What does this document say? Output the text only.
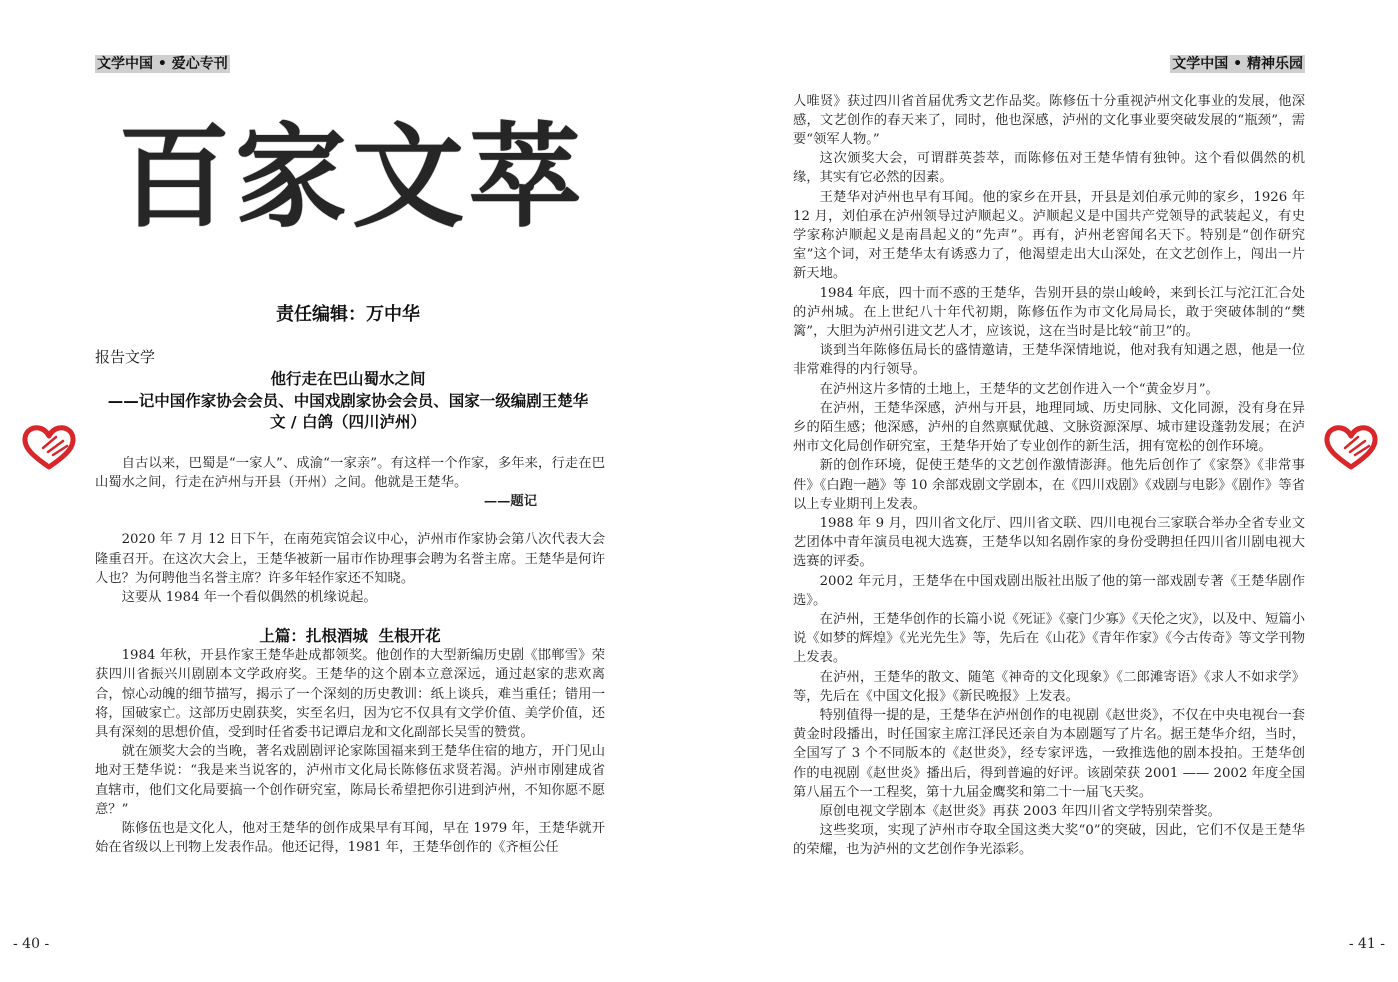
文学中国 • 爱心专刊
百家文萃
责任编辑：万中华
报告文学
他行走在巴山蜀水之间
——记中国作家协会会员、中国戏剧家协会会员、国家一级编剧王楚华
文 / 白鸽（四川泸州）

自古以来，巴蜀是“一家人”、成渝“一家亲”。有这样一个作家，多年来，行走在巴山蜀水之间，行走在泸州与开县（开州）之间。他就是王楚华。

——题记

2020 年 7 月 12 日下午，在南苑宾馆会议中心，泸州市作家协会第八次代表大会隆重召开。在这次大会上，王楚华被新一届市作协理事会聘为名誉主席。王楚华是何许人也？为何聘他当名誉主席？许多年轻作家还不知晓。

这要从 1984 年一个看似偶然的机缘说起。

上篇：扎根酒城  生根开花

1984 年秋，开县作家王楚华赴成都领奖。他创作的大型新编历史剧《邯郸雪》荣获四川省振兴川剧剧本文学政府奖。王楚华的这个剧本立意深远，通过赵家的悲欢离合，惊心动魄的细节描写，揭示了一个深刻的历史教训：纸上谈兵，难当重任；错用一将，国破家亡。这部历史剧获奖，实至名归，因为它不仅具有文学价值、美学价值，还具有深刻的思想价值，受到时任省委书记谭启龙和文化副部长吴雪的赞赏。

就在颁奖大会的当晚，著名戏剧剧评论家陈国福来到王楚华住宿的地方，开门见山地对王楚华说：“我是来当说客的，泸州市文化局长陈修伍求贤若渴。泸州市刚建成省直辖市，他们文化局要搞一个创作研究室，陈局长希望把你引进到泸州，不知你愿不愿意？”

陈修伍也是文化人，他对王楚华的创作成果早有耳闻，早在 1979 年，王楚华就开始在省级以上刊物上发表作品。他还记得，1981 年，王楚华创作的《齐桓公任

- 40 -
文学中国 • 精神乐园

人唯贤》获过四川省首届优秀文艺作品奖。陈修伍十分重视泸州文化事业的发展，他深感，文艺创作的春天来了，同时，他也深感，泸州的文化事业要突破发展的“瓶颈”，需要“领军人物。”

这次颁奖大会，可谓群英荟萃，而陈修伍对王楚华情有独钟。这个看似偶然的机缘，其实有它必然的因素。

王楚华对泸州也早有耳闻。他的家乡在开县，开县是刘伯承元帅的家乡，1926 年 12 月，刘伯承在泸州领导过泸顺起义。泸顺起义是中国共产党领导的武装起义，有史学家称泸顺起义是南昌起义的“先声”。再有，泸州老窖闻名天下。特别是“创作研究室”这个词，对王楚华太有诱惑力了，他渴望走出大山深处，在文艺创作上，闯出一片新天地。

1984 年底，四十而不惑的王楚华，告别开县的崇山峻岭，来到长江与沱江汇合处的泸州城。在上世纪八十年代初期，陈修伍作为市文化局局长，敢于突破体制的“樊篱”，大胆为泸州引进文艺人才，应该说，这在当时是比较“前卫”的。

谈到当年陈修伍局长的盛情邀请，王楚华深情地说，他对我有知遇之恩，他是一位非常难得的内行领导。

在泸州这片多情的土地上，王楚华的文艺创作进入一个“黄金岁月”。

在泸州，王楚华深感，泸州与开县，地理同域、历史同脉、文化同源，没有身在异乡的陌生感；他深感，泸州的自然禀赋优越、文脉资源深厚、城市建设蓬勃发展；在泸州市文化局创作研究室，王楚华开始了专业创作的新生活，拥有宽松的创作环境。

新的创作环境，促使王楚华的文艺创作激情澎湃。他先后创作了《家祭》《非常事件》《白跑一趟》等 10 余部戏剧文学剧本，在《四川戏剧》《戏剧与电影》《剧作》等省以上专业期刊上发表。

1988 年 9 月，四川省文化厅、四川省文联、四川电视台三家联合举办全省专业文艺团体中青年演员电视大选赛，王楚华以知名剧作家的身份受聘担任四川省川剧电视大选赛的评委。

2002 年元月，王楚华在中国戏剧出版社出版了他的第一部戏剧专著《王楚华剧作选》。

在泸州，王楚华创作的长篇小说《死证》《豪门少寡》《天伦之灾》，以及中、短篇小说《如梦的辉煌》《光光先生》等，先后在《山花》《青年作家》《今古传奇》等文学刊物上发表。

在泸州，王楚华的散文、随笔《神奇的文化现象》《二郎滩寄语》《求人不如求学》等，先后在《中国文化报》《新民晚报》上发表。

特别值得一提的是，王楚华在泸州创作的电视剧《赵世炎》，不仅在中央电视台一套黄金时段播出，时任国家主席江泽民还亲自为本剧题写了片名。据王楚华介绍，当时，全国写了 3 个不同版本的《赵世炎》，经专家评选，一致推选他的剧本投拍。王楚华创作的电视剧《赵世炎》播出后，得到普遍的好评。该剧荣获 2001 —— 2002 年度全国第八届五个一工程奖，第十九届金鹰奖和第二十一届飞天奖。

原创电视文学剧本《赵世炎》再获 2003 年四川省文学特别荣誉奖。

这些奖项，实现了泸州市夺取全国这类大奖“0”的突破，因此，它们不仅是王楚华的荣耀，也为泸州的文艺创作争光添彩。

- 41 -
